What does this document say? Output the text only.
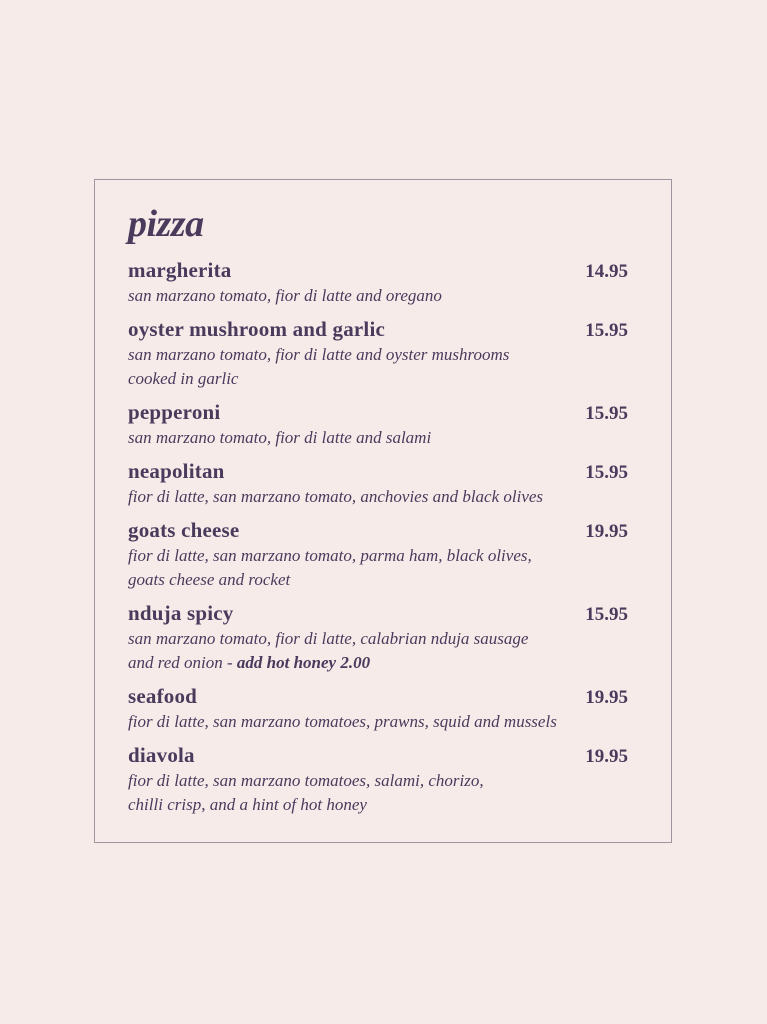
pizza
margherita	14.95
san marzano tomato, fior di latte and oregano
oyster mushroom and garlic	15.95
san marzano tomato, fior di latte and oyster mushrooms
cooked in garlic
pepperoni	15.95
san marzano tomato, fior di latte and salami
neapolitan	15.95
fior di latte, san marzano tomato, anchovies and black olives
goats cheese	19.95
fior di latte, san marzano tomato, parma ham, black olives,
goats cheese and rocket
nduja spicy	15.95
san marzano tomato, fior di latte, calabrian nduja sausage
and red onion - add hot honey 2.00
seafood	19.95
fior di latte, san marzano tomatoes, prawns, squid and mussels
diavola	19.95
fior di latte, san marzano tomatoes, salami, chorizo,
chilli crisp, and a hint of hot honey
